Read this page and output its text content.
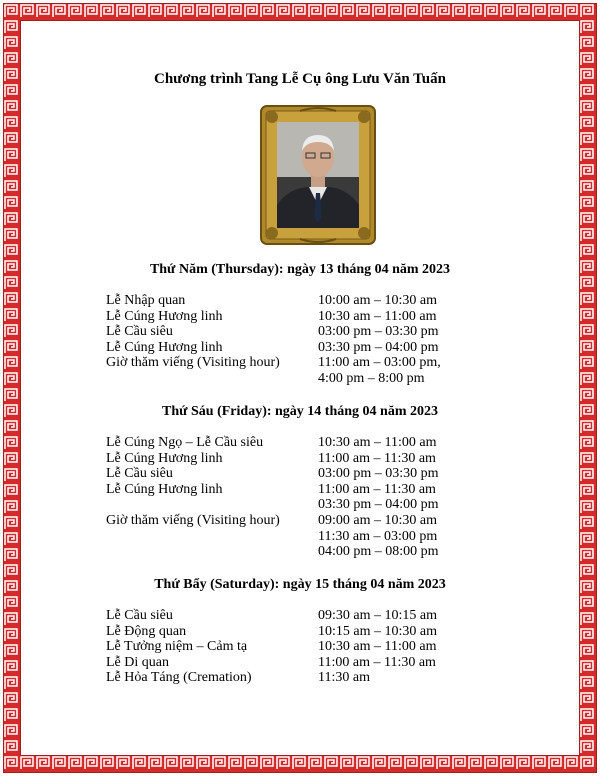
Chương trình Tang Lễ Cụ ông Lưu Văn Tuấn
Thứ Năm (Thursday): ngày 13 tháng 04 năm 2023
Lễ Nhập quan	10:00 am – 10:30 am
Lễ Cúng Hương linh	10:30 am – 11:00 am
Lễ Cầu siêu	03:00 pm – 03:30 pm
Lễ Cúng Hương linh	03:30 pm – 04:00 pm
Giờ thăm viếng (Visiting hour)	11:00 am – 03:00 pm,
4:00 pm – 8:00 pm
Thứ Sáu (Friday): ngày 14 tháng 04 năm 2023
Lễ Cúng Ngọ – Lễ Cầu siêu	10:30 am – 11:00 am
Lễ Cúng Hương linh	11:00 am – 11:30 am
Lễ Cầu siêu	03:00 pm – 03:30 pm
Lễ Cúng Hương linh	11:00 am – 11:30 am
03:30 pm – 04:00 pm
Giờ thăm viếng (Visiting hour)	09:00 am – 10:30 am
11:30 am – 03:00 pm
04:00 pm – 08:00 pm
Thứ Bẩy (Saturday): ngày 15 tháng 04 năm 2023
Lễ Cầu siêu	09:30 am – 10:15 am
Lễ Động quan	10:15 am – 10:30 am
Lễ Tưởng niệm – Cảm tạ	10:30 am – 11:00 am
Lễ Di quan	11:00 am – 11:30 am
Lễ Hỏa Táng (Cremation)	11:30 am
